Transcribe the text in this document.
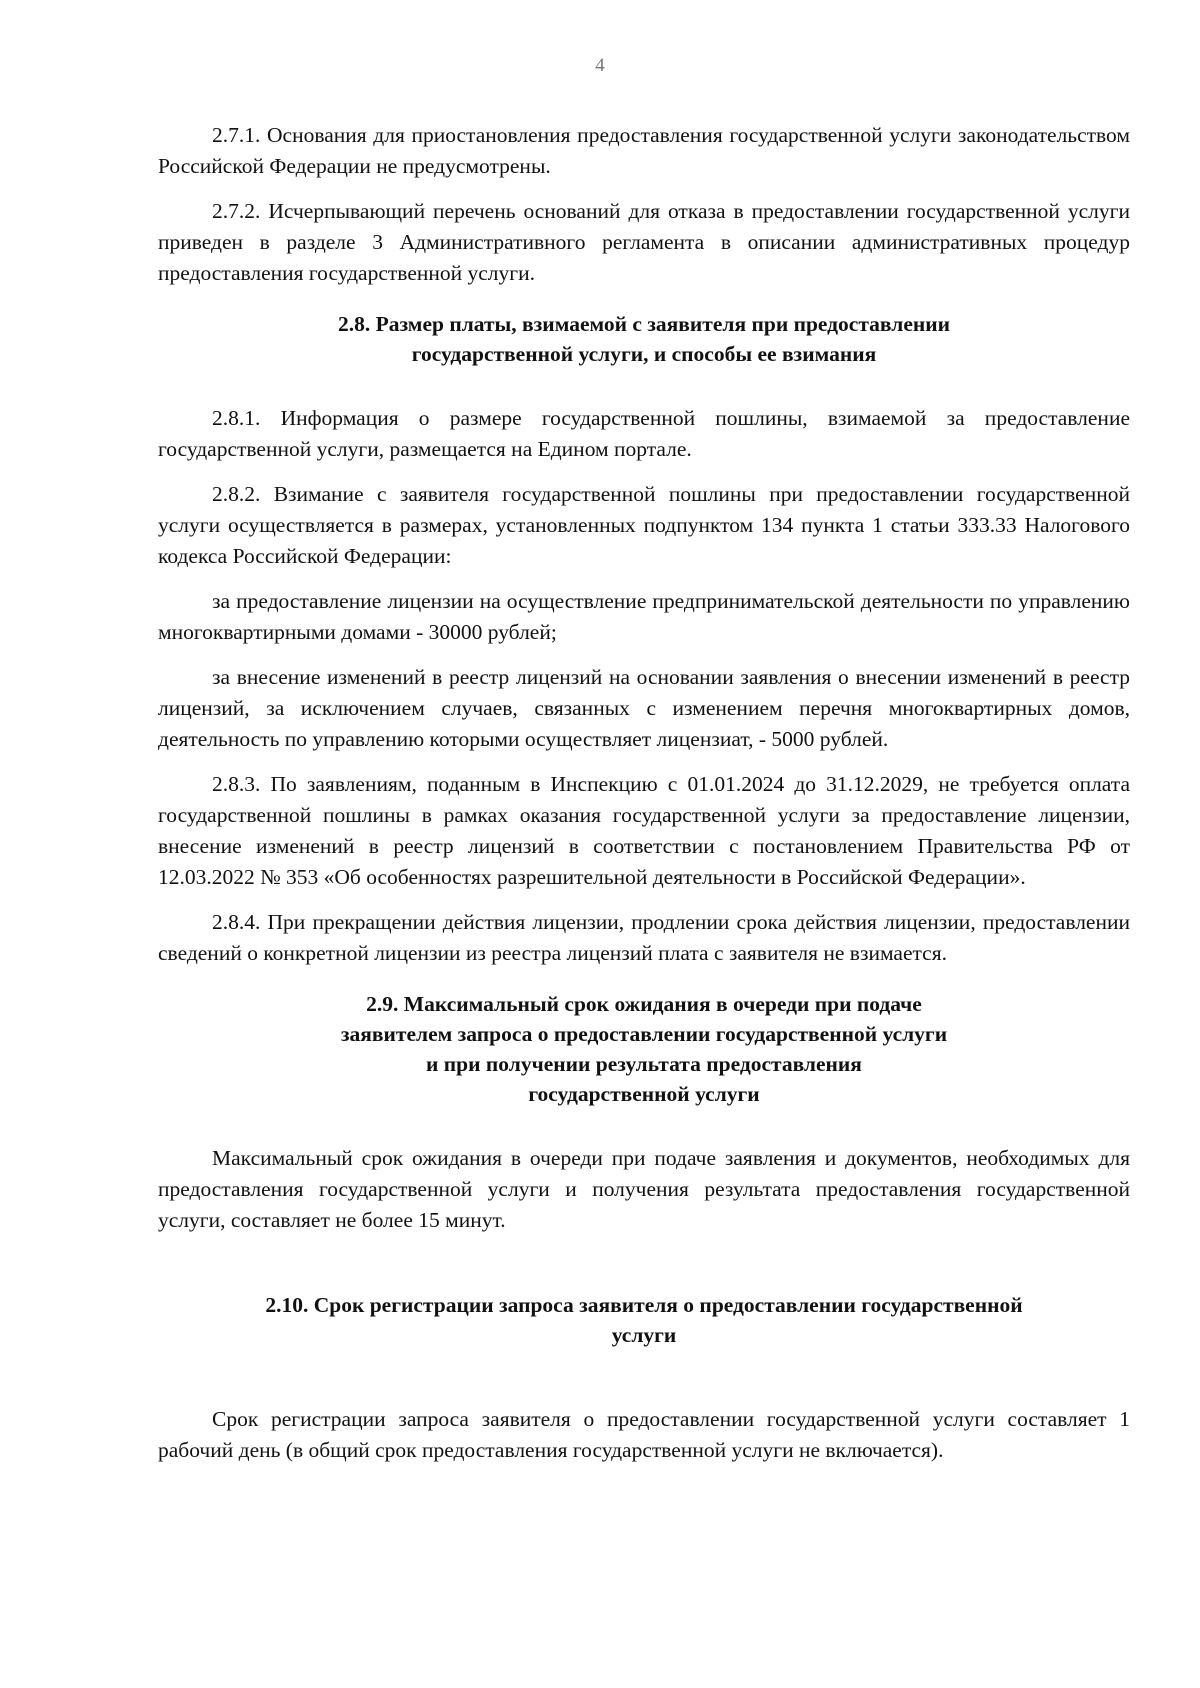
4

2.7.1. Основания для приостановления предоставления государственной услуги законодательством Российской Федерации не предусмотрены.

2.7.2. Исчерпывающий перечень оснований для отказа в предоставлении государственной услуги приведен в разделе 3 Административного регламента в описании административных процедур предоставления государственной услуги.

2.8. Размер платы, взимаемой с заявителя при предоставлении
государственной услуги, и способы ее взимания

2.8.1. Информация о размере государственной пошлины, взимаемой за предоставление государственной услуги, размещается на Едином портале.

2.8.2. Взимание с заявителя государственной пошлины при предоставлении государственной услуги осуществляется в размерах, установленных подпунктом 134 пункта 1 статьи 333.33 Налогового кодекса Российской Федерации:

за предоставление лицензии на осуществление предпринимательской деятельности по управлению многоквартирными домами - 30000 рублей;

за внесение изменений в реестр лицензий на основании заявления о внесении изменений в реестр лицензий, за исключением случаев, связанных с изменением перечня многоквартирных домов, деятельность по управлению которыми осуществляет лицензиат, - 5000 рублей.

2.8.3. По заявлениям, поданным в Инспекцию с 01.01.2024 до 31.12.2029, не требуется оплата государственной пошлины в рамках оказания государственной услуги за предоставление лицензии, внесение изменений в реестр лицензий в соответствии с постановлением Правительства РФ от 12.03.2022 № 353 «Об особенностях разрешительной деятельности в Российской Федерации».

2.8.4. При прекращении действия лицензии, продлении срока действия лицензии, предоставлении сведений о конкретной лицензии из реестра лицензий плата с заявителя не взимается.

2.9. Максимальный срок ожидания в очереди при подаче
заявителем запроса о предоставлении государственной услуги
и при получении результата предоставления
государственной услуги

Максимальный срок ожидания в очереди при подаче заявления и документов, необходимых для предоставления государственной услуги и получения результата предоставления государственной услуги, составляет не более 15 минут.

2.10. Срок регистрации запроса заявителя о предоставлении государственной
услуги

Срок регистрации запроса заявителя о предоставлении государственной услуги составляет 1 рабочий день (в общий срок предоставления государственной услуги не включается).
